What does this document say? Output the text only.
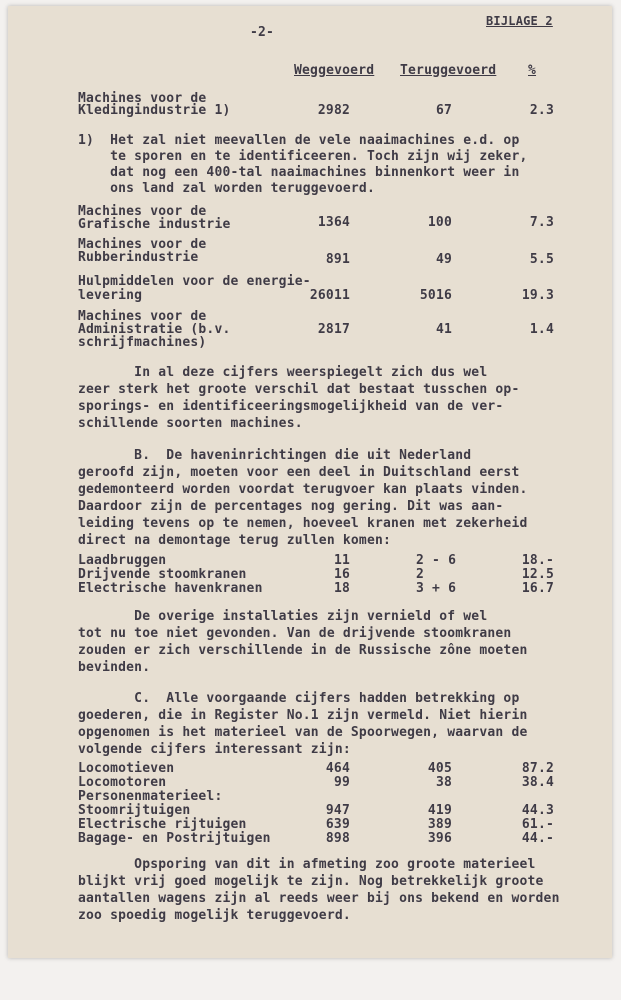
-2-
BIJLAGE 2
Weggevoerd Teruggevoerd %
Machines voor de
Kledingindustrie 1)	2982	67	2.3
1)  Het zal niet meevallen de vele naaimachines e.d. op
te sporen en te identificeeren. Toch zijn wij zeker,
dat nog een 400-tal naaimachines binnenkort weer in
ons land zal worden teruggevoerd.
Machines voor de
Grafische industrie	1364	100	7.3
Machines voor de
Rubberindustrie	891	49	5.5
Hulpmiddelen voor de energie-
levering	26011	5016	19.3
Machines voor de
Administratie (b.v.
schrijfmachines)
2817	41	1.4
In al deze cijfers weerspiegelt zich dus wel
zeer sterk het groote verschil dat bestaat tusschen op-
sporings- en identificeeringsmogelijkheid van de ver-
schillende soorten machines.
B.  De haveninrichtingen die uit Nederland
geroofd zijn, moeten voor een deel in Duitschland eerst
gedemonteerd worden voordat terugvoer kan plaats vinden.
Daardoor zijn de percentages nog gering. Dit was aan-
leiding tevens op te nemen, hoeveel kranen met zekerheid
direct na demontage terug zullen komen:
Laadbruggen	11	2 - 6	18.-
Drijvende stoomkranen	16	2	12.5
Electrische havenkranen	18	3 + 6	16.7
De overige installaties zijn vernield of wel
tot nu toe niet gevonden. Van de drijvende stoomkranen
zouden er zich verschillende in de Russische zône moeten
bevinden.
C.  Alle voorgaande cijfers hadden betrekking op
goederen, die in Register No.1 zijn vermeld. Niet hierin
opgenomen is het materieel van de Spoorwegen, waarvan de
volgende cijfers interessant zijn:
Locomotieven	464	405	87.2
Locomotoren	99	38	38.4
Personenmaterieel:
Stoomrijtuigen	947	419	44.3
Electrische rijtuigen	639	389	61.-
Bagage- en Postrijtuigen	898	396	44.-
Opsporing van dit in afmeting zoo groote materieel
blijkt vrij goed mogelijk te zijn. Nog betrekkelijk groote
aantallen wagens zijn al reeds weer bij ons bekend en worden
zoo spoedig mogelijk teruggevoerd.
